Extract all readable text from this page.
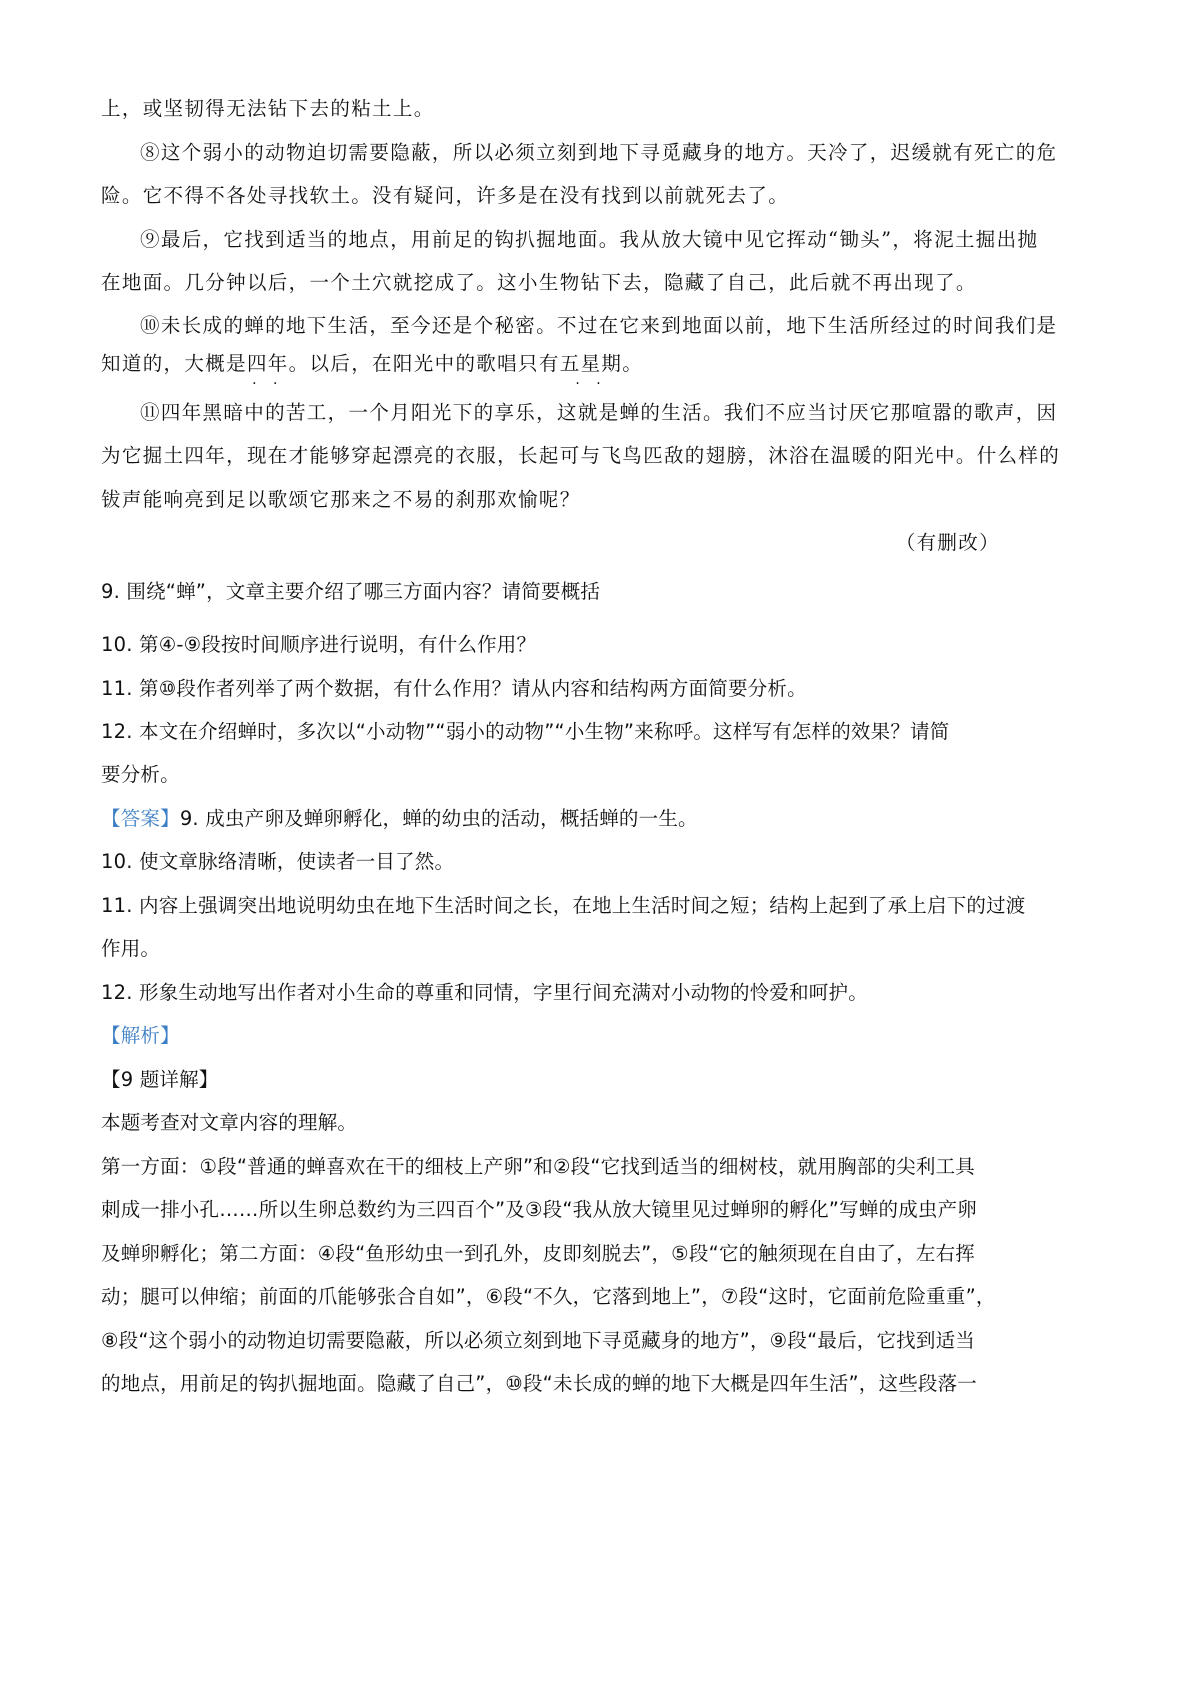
上，或坚韧得无法钻下去的粘土上。
⑧这个弱小的动物迫切需要隐蔽，所以必须立刻到地下寻觅藏身的地方。天冷了，迟缓就有死亡的危
险。它不得不各处寻找软土。没有疑问，许多是在没有找到以前就死去了。
⑨最后，它找到适当的地点，用前足的钩扒掘地面。我从放大镜中见它挥动“锄头”，将泥土掘出抛
在地面。几分钟以后，一个土穴就挖成了。这小生物钻下去，隐藏了自己，此后就不再出现了。
⑩未长成的蝉的地下生活，至今还是个秘密。不过在它来到地面以前，地下生活所经过的时间我们是
知道的，大概是四年 · ·。以后，在阳光中的歌唱只有五星期 · ·。
⑪四年黑暗中的苦工，一个月阳光下的享乐，这就是蝉的生活。我们不应当讨厌它那喧嚣的歌声，因
为它掘土四年，现在才能够穿起漂亮的衣服，长起可与飞鸟匹敌的翅膀，沐浴在温暖的阳光中。什么样的
钹声能响亮到足以歌颂它那来之不易的刹那欢愉呢？
（有删改）
9. 围绕“蝉”，文章主要介绍了哪三方面内容？请简要概括
10. 第④-⑨段按时间顺序进行说明，有什么作用？
11. 第⑩段作者列举了两个数据，有什么作用？请从内容和结构两方面简要分析。
12. 本文在介绍蝉时，多次以“小动物”“弱小的动物”“小生物”来称呼。这样写有怎样的效果？请简
要分析。
【答案】9. 成虫产卵及蝉卵孵化，蝉的幼虫的活动，概括蝉的一生。
10. 使文章脉络清晰，使读者一目了然。
11. 内容上强调突出地说明幼虫在地下生活时间之长，在地上生活时间之短；结构上起到了承上启下的过渡
作用。
12. 形象生动地写出作者对小生命的尊重和同情，字里行间充满对小动物的怜爱和呵护。
【解析】
【9 题详解】
本题考查对文章内容的理解。
第一方面：①段“普通的蝉喜欢在干的细枝上产卵”和②段“它找到适当的细树枝，就用胸部的尖利工具
刺成一排小孔……所以生卵总数约为三四百个”及③段“我从放大镜里见过蝉卵的孵化”写蝉的成虫产卵
及蝉卵孵化；第二方面：④段“鱼形幼虫一到孔外，皮即刻脱去”，⑤段“它的触须现在自由了，左右挥
动；腿可以伸缩；前面的爪能够张合自如”，⑥段“不久，它落到地上”，⑦段“这时，它面前危险重重”，
⑧段“这个弱小的动物迫切需要隐蔽，所以必须立刻到地下寻觅藏身的地方”，⑨段“最后，它找到适当
的地点，用前足的钩扒掘地面。隐藏了自己”，⑩段“未长成的蝉的地下大概是四年生活”，这些段落一
